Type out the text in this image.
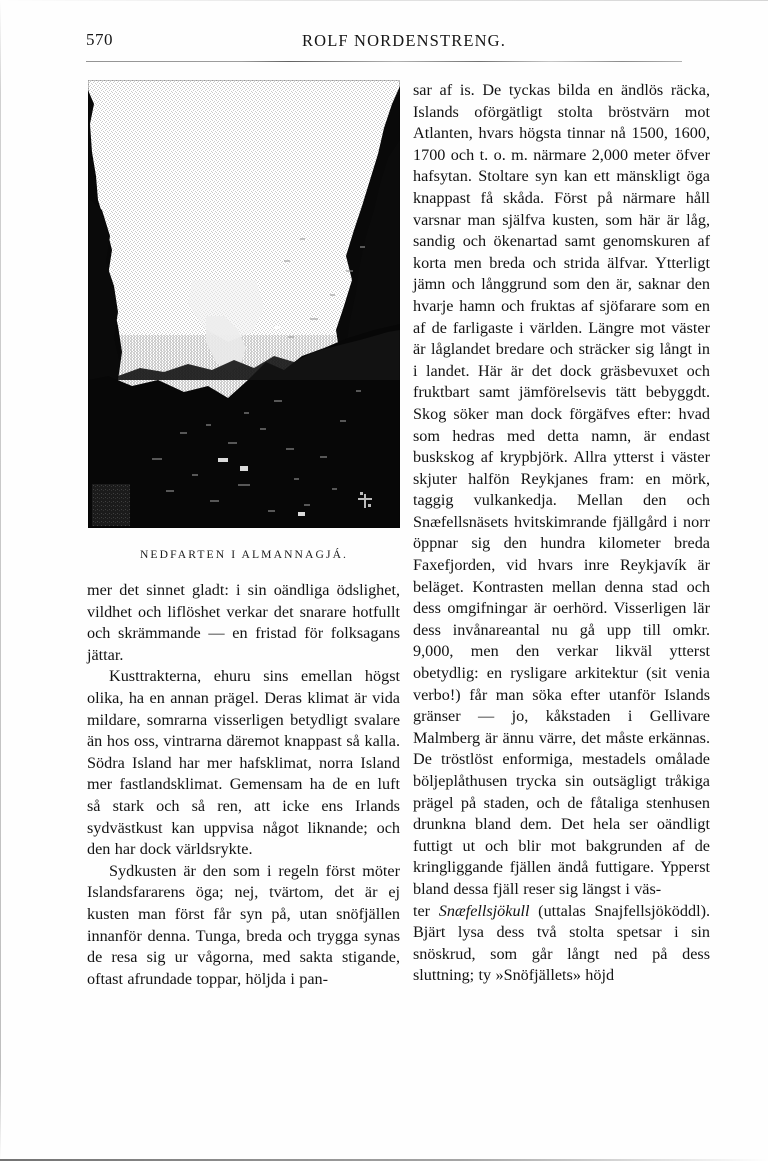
570	ROLF NORDENSTRENG.
NEDFARTEN I ALMANNAGJÁ.

mer det sinnet gladt: i sin oändliga ödslighet, vildhet och liflöshet verkar det snarare hotfullt och skrämmande — en fristad för folksagans jättar.

Kusttrakterna, ehuru sins emellan högst olika, ha en annan prägel. Deras klimat är vida mildare, somrarna visserligen betydligt svalare än hos oss, vintrarna däremot knappast så kalla. Södra Island har mer hafsklimat, norra Island mer fastlandsklimat. Gemensam ha de en luft så stark och så ren, att icke ens Irlands sydvästkust kan uppvisa något liknande; och den har dock världsrykte.

Sydkusten är den som i regeln först möter Islandsfararens öga; nej, tvärtom, det är ej kusten man först får syn på, utan snöfjällen innanför denna. Tunga, breda och trygga synas de resa sig ur vågorna, med sakta stigande, oftast afrundade toppar, höljda i pan-

sar af is. De tyckas bilda en ändlös räcka, Islands oförgätligt stolta bröstvärn mot Atlanten, hvars högsta tinnar nå 1500, 1600, 1700 och t. o. m. närmare 2,000 meter öfver hafsytan. Stoltare syn kan ett mänskligt öga knappast få skåda. Först på närmare håll varsnar man själfva kusten, som här är låg, sandig och ökenartad samt genomskuren af korta men breda och strida älfvar. Ytterligt jämn och långgrund som den är, saknar den hvarje hamn och fruktas af sjöfarare som en af de farligaste i världen. Längre mot väster är låglandet bredare och sträcker sig långt in i landet. Här är det dock gräsbevuxet och fruktbart samt jämförelsevis tätt bebyggdt. Skog söker man dock förgäfves efter: hvad som hedras med detta namn, är endast buskskog af krypbjörk. Allra ytterst i väster skjuter halfön Reykjanes fram: en mörk, taggig vulkankedja. Mellan den och Snæfellsnäsets hvitskimrande fjällgård i norr öppnar sig den hundra kilometer breda Faxefjorden, vid hvars inre Reykjavík är beläget. Kontrasten mellan denna stad och dess omgifningar är oerhörd. Visserligen lär dess invånareantal nu gå upp till omkr. 9,000, men den verkar likväl ytterst obetydlig: en rysligare arkitektur (sit venia verbo!) får man söka efter utanför Islands gränser — jo, kåkstaden i Gellivare Malmberg är ännu värre, det måste erkännas. De tröstlöst enformiga, mestadels omålade böljeplåthusen trycka sin outsägligt tråkiga prägel på staden, och de fåtaliga stenhusen drunkna bland dem. Det hela ser oändligt futtigt ut och blir mot bakgrunden af de kringliggande fjällen ändå futtigare. Ypperst bland dessa fjäll reser sig längst i väs-

ter Snæfellsjökull (uttalas Snajfellsjököddl). Bjärt lysa dess två stolta spetsar i sin snöskrud, som går långt ned på dess sluttning; ty »Snöfjällets» höjd
